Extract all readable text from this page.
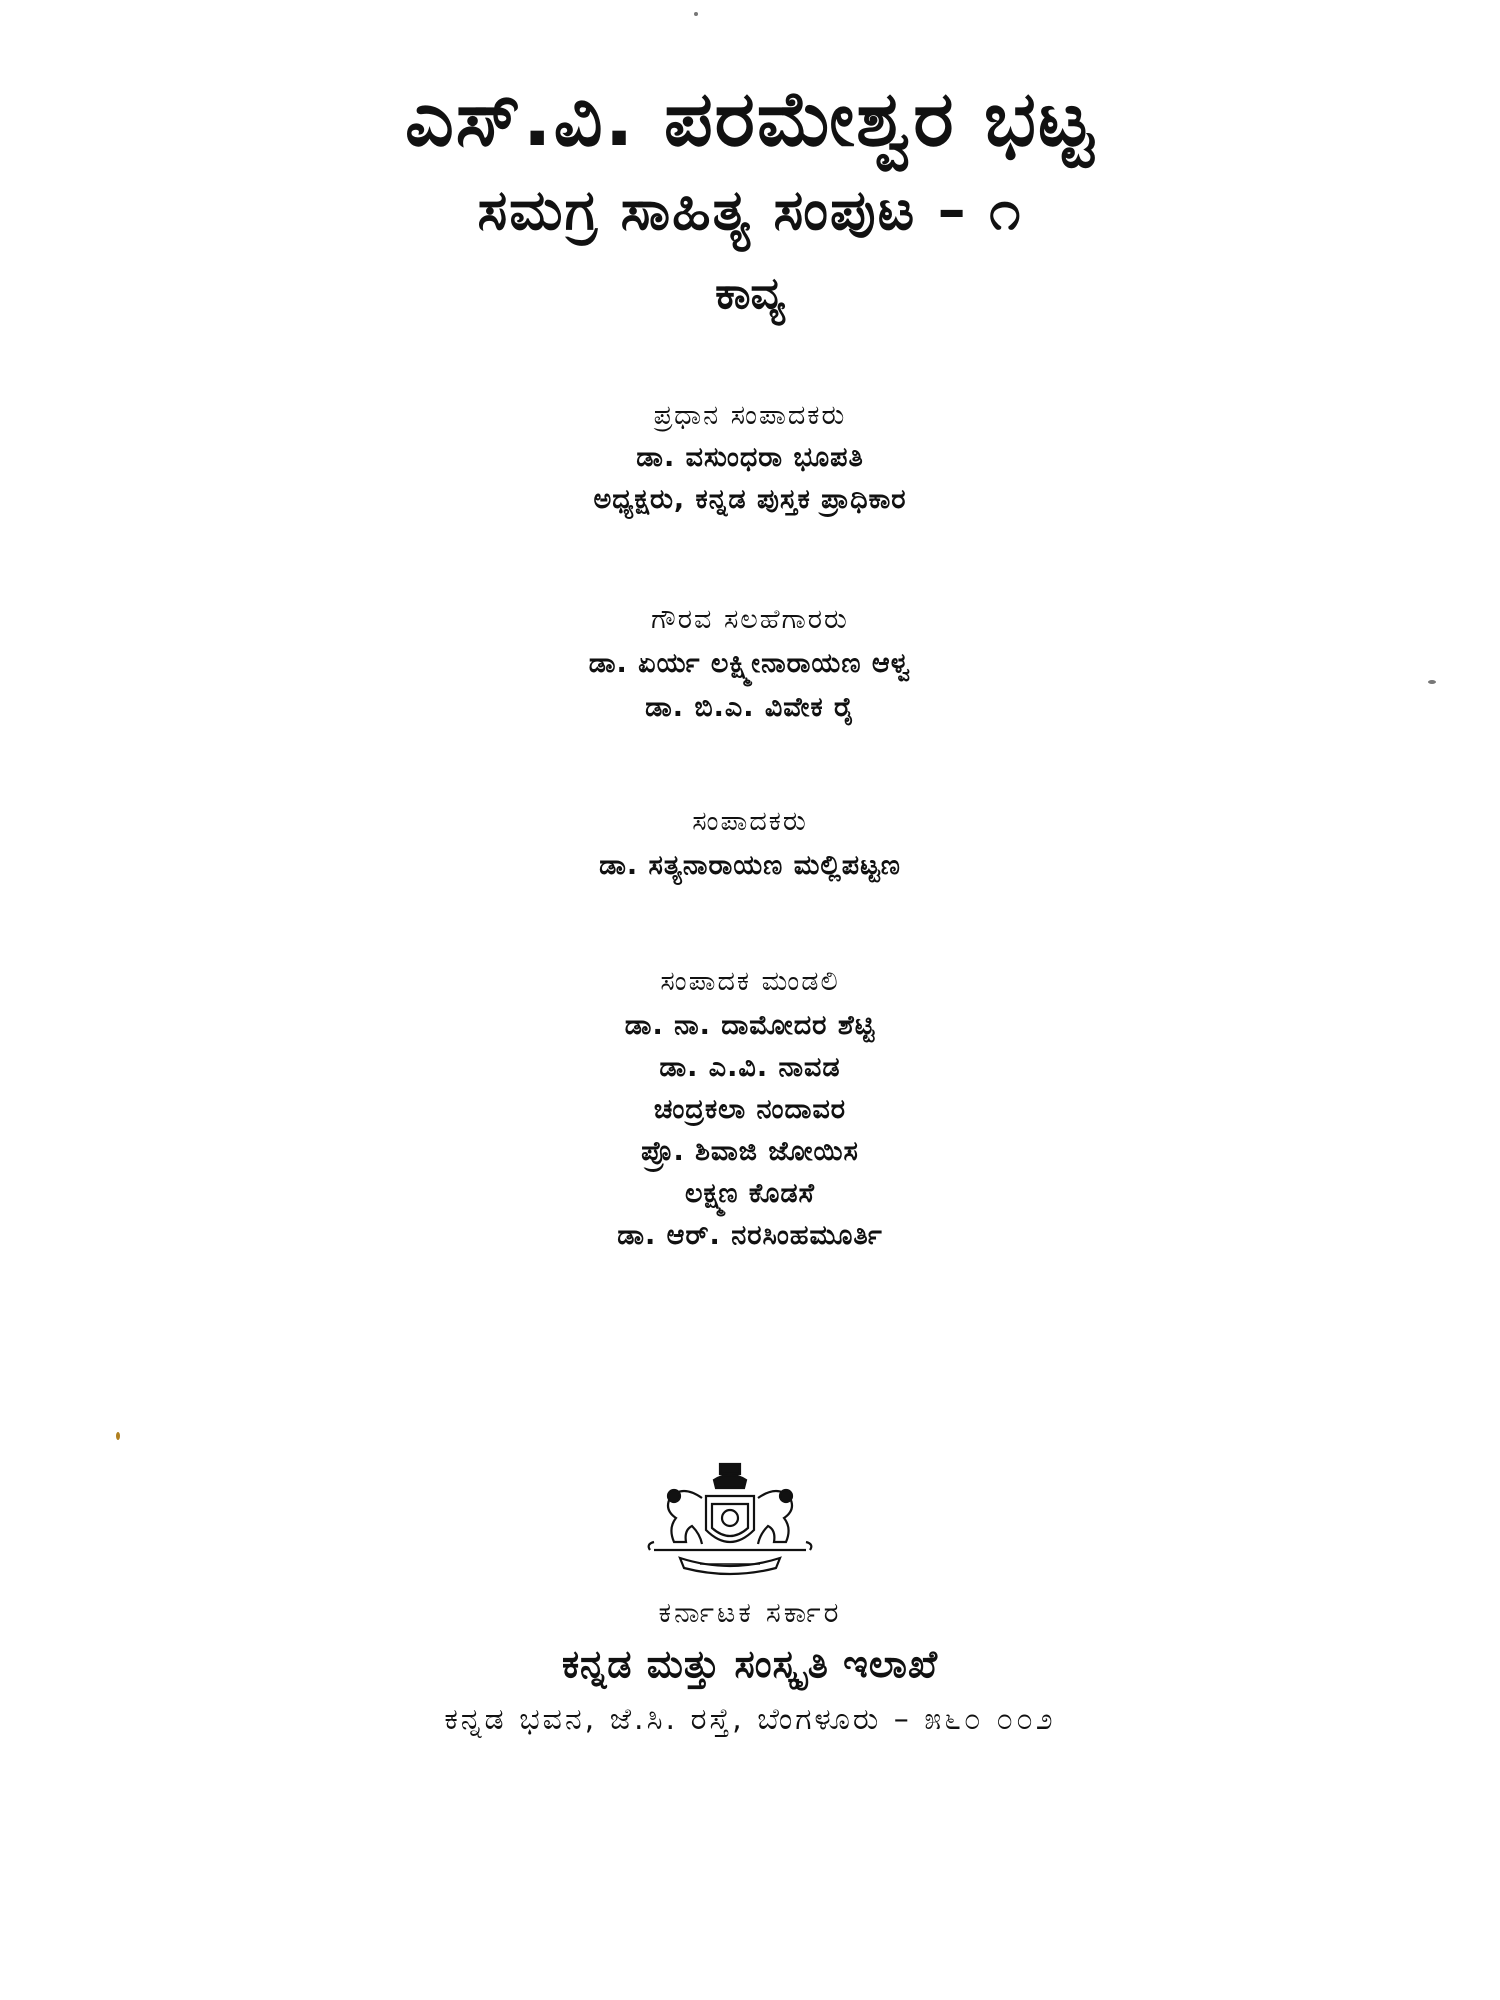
ಎಸ್.ವಿ. ಪರಮೇಶ್ವರ ಭಟ್ಟ
ಸಮಗ್ರ ಸಾಹಿತ್ಯ ಸಂಪುಟ – ೧
ಕಾವ್ಯ
ಪ್ರಧಾನ ಸಂಪಾದಕರು
ಡಾ. ವಸುಂಧರಾ ಭೂಪತಿ
ಅಧ್ಯಕ್ಷರು, ಕನ್ನಡ ಪುಸ್ತಕ ಪ್ರಾಧಿಕಾರ
ಗೌರವ ಸಲಹೆಗಾರರು
ಡಾ. ಏರ್ಯ ಲಕ್ಷ್ಮೀನಾರಾಯಣ ಆಳ್ವ
ಡಾ. ಬಿ.ಎ. ವಿವೇಕ ರೈ
ಸಂಪಾದಕರು
ಡಾ. ಸತ್ಯನಾರಾಯಣ ಮಲ್ಲಿಪಟ್ಟಣ
ಸಂಪಾದಕ ಮಂಡಲಿ
ಡಾ. ನಾ. ದಾಮೋದರ ಶೆಟ್ಟಿ
ಡಾ. ಎ.ವಿ. ನಾವಡ
ಚಂದ್ರಕಲಾ ನಂದಾವರ
ಪ್ರೊ. ಶಿವಾಜಿ ಜೋಯಿಸ
ಲಕ್ಷ್ಮಣ ಕೊಡಸೆ
ಡಾ. ಆರ್. ನರಸಿಂಹಮೂರ್ತಿ
ಕರ್ನಾಟಕ ಸರ್ಕಾರ
ಕನ್ನಡ ಮತ್ತು ಸಂಸ್ಕೃತಿ ಇಲಾಖೆ
ಕನ್ನಡ ಭವನ, ಜೆ.ಸಿ. ರಸ್ತೆ, ಬೆಂಗಳೂರು – ೫೬೦ ೦೦೨
